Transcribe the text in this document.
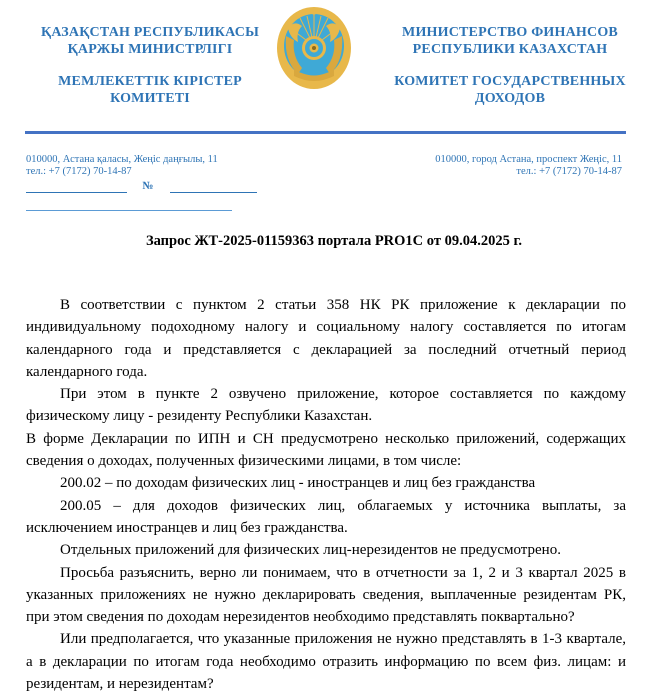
ҚАЗАҚСТАН РЕСПУБЛИКАСЫ
ҚАРЖЫ МИНИСТРЛІГІ
МЕМЛЕКЕТТІК КІРІСТЕР
КОМИТЕТІ
✦
МИНИСТЕРСТВО ФИНАНСОВ
РЕСПУБЛИКИ КАЗАХСТАН
КОМИТЕТ ГОСУДАРСТВЕННЫХ
ДОХОДОВ
010000, Астана қаласы, Жеңіс даңғылы, 11
тел.: +7 (7172) 70-14-87
010000, город Астана, проспект Жеңіс, 11
тел.: +7 (7172) 70-14-87
№
Запрос ЖТ-2025-01159363 портала PRO1C от 09.04.2025 г.

В соответствии с пунктом 2 статьи 358 НК РК приложение к декларации по индивидуальному подоходному налогу и социальному налогу составляется по итогам календарного года и представляется с декларацией за последний отчетный период календарного года.

При этом в пункте 2 озвучено приложение, которое составляется по каждому физическому лицу - резиденту Республики Казахстан.

В форме Декларации по ИПН и СН предусмотрено несколько приложений, содержащих сведения о доходах, полученных физическими лицами, в том числе:

200.02 – по доходам физических лиц - иностранцев и лиц без гражданства

200.05 – для доходов физических лиц, облагаемых у источника выплаты, за исключением иностранцев и лиц без гражданства.

Отдельных приложений для физических лиц-нерезидентов не предусмотрено.

Просьба разъяснить, верно ли понимаем, что в отчетности за 1, 2 и 3 квартал 2025 в указанных приложениях не нужно декларировать сведения, выплаченные резидентам РК, при этом сведения по доходам нерезидентов необходимо представлять поквартально?

Или предполагается, что указанные приложения не нужно представлять в 1-3 квартале, а в декларации по итогам года необходимо отразить информацию по всем физ. лицам: и резидентам, и нерезидентам?
